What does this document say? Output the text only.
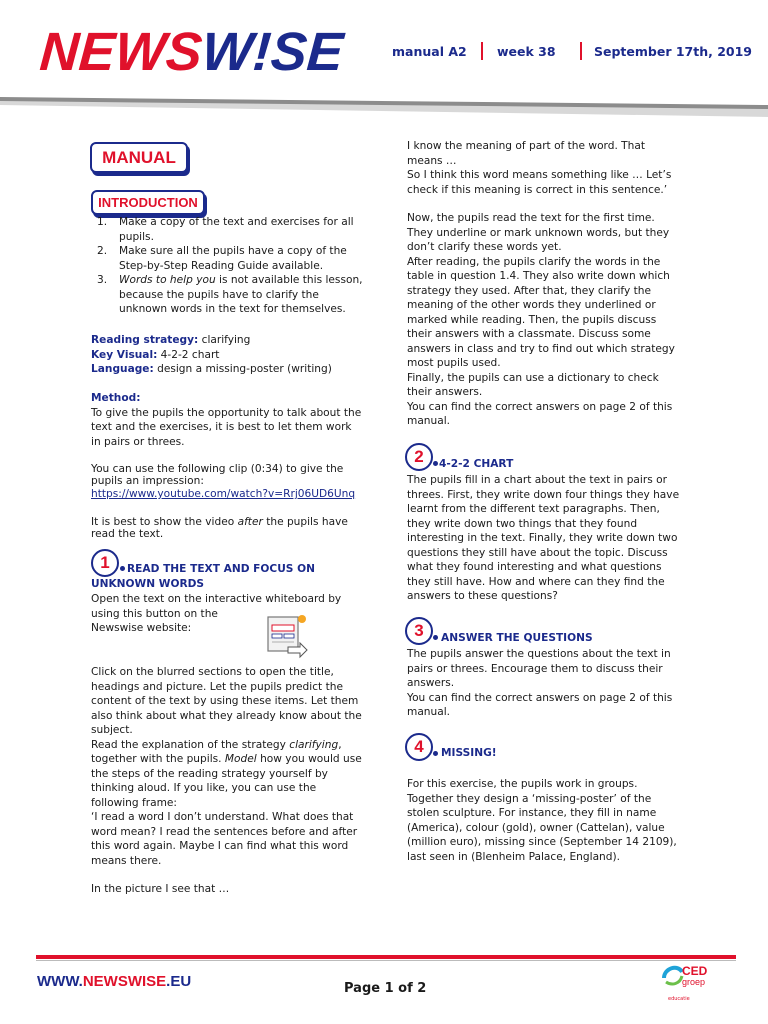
NEWSW!SE	manual A2 week 38	September 17th, 2019
MANUAL
INTRODUCTION
1. Make a copy of the text and exercises for all pupils.
2. Make sure all the pupils have a copy of the Step-by-Step Reading Guide available.
3. Words to help you is not available this lesson, because the pupils have to clarify the unknown words in the text for themselves.

Reading strategy: clarifying

Key Visual: 4-2-2 chart

Language: design a missing-poster (writing)

Method:

To give the pupils the opportunity to talk about the text and the exercises, it is best to let them work in pairs or threes.

You can use the following clip (0:34) to give the pupils an impression:

https://www.youtube.com/watch?v=Rrj06UD6Unq

It is best to show the video after the pupils have read the text.

1	READ THE TEXT AND FOCUS ON
UNKNOWN WORDS

Open the text on the interactive whiteboard by using this button on the

Newswise website:

Click on the blurred sections to open the title, headings and picture. Let the pupils predict the content of the text by using these items. Let them also think about what they already know about the subject.

Read the explanation of the strategy clarifying, together with the pupils. Model how you would use the steps of the reading strategy yourself by thinking aloud. If you like, you can use the following frame:

‘I read a word I don’t understand. What does that word mean? I read the sentences before and after this word again. Maybe I can find what this word means there.

In the picture I see that …

I know the meaning of part of the word. That means …

So I think this word means something like … Let’s check if this meaning is correct in this sentence.’

Now, the pupils read the text for the first time. They underline or mark unknown words, but they don’t clarify these words yet.

After reading, the pupils clarify the words in the table in question 1.4. They also write down which strategy they used. After that, they clarify the meaning of the other words they underlined or marked while reading. Then, the pupils discuss their answers with a classmate. Discuss some answers in class and try to find out which strategy most pupils used.

Finally, the pupils can use a dictionary to check their answers.

You can find the correct answers on page 2 of this manual.

2	4-2-2 CHART

The pupils fill in a chart about the text in pairs or threes. First, they write down four things they have learnt from the different text paragraphs. Then, they write down two things that they found interesting in the text. Finally, they write down two questions they still have about the topic. Discuss what they found interesting and what questions they still have. How and where can they find the answers to these questions?

3	ANSWER THE QUESTIONS

The pupils answer the questions about the text in pairs or threes. Encourage them to discuss their answers.

You can find the correct answers on page 2 of this manual.

4	MISSING!

For this exercise, the pupils work in groups. Together they design a ‘missing-poster’ of the stolen sculpture. For instance, they fill in name (America), colour (gold), owner (Cattelan), value (million euro), missing since (September 14 2109), last seen in (Blenheim Palace, England).

WWW.NEWSWISE.EU	Page 1 of 2
CED
groep
educatie
